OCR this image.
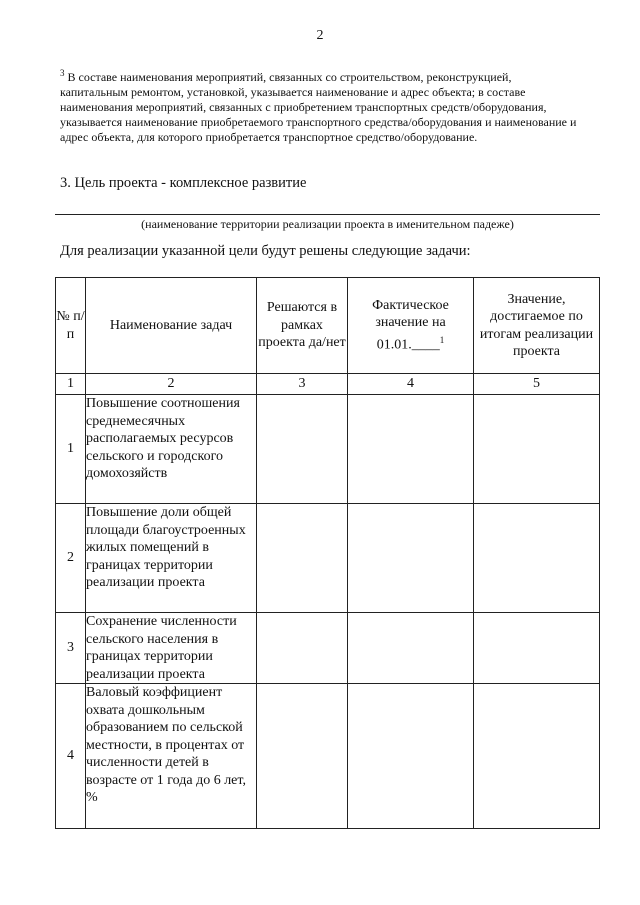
2
$^3$ В составе наименования мероприятий, связанных со строительством, реконструкцией, капитальным ремонтом, установкой, указывается наименование и адрес объекта; в составе наименования мероприятий, связанных с приобретением транспортных средств/оборудования, указывается наименование приобретаемого транспортного средства/оборудования и наименование и адрес объекта, для которого приобретается транспортное средство/оборудование.
3. Цель проекта - комплексное развитие
(наименование территории реализации проекта в именительном падеже)
Для реализации указанной цели будут решены следующие задачи:
№ п/п	Наименование задач	Решаются в рамках проекта да/нет	Фактическое значение на 01.01.____$^1$	Значение, достигаемое по итогам реализации проекта
1	2	3	4	5
1	Повышение соотношения среднемесячных располагаемых ресурсов сельского и городского домохозяйств			
2	Повышение доли общей площади благоустроенных жилых помещений в границах территории реализации проекта			
3	Сохранение численности сельского населения в границах территории реализации проекта			
4	Валовый коэффициент охвата дошкольным образованием по сельской местности, в процентах от численности детей в возрасте от 1 года до 6 лет, %			
